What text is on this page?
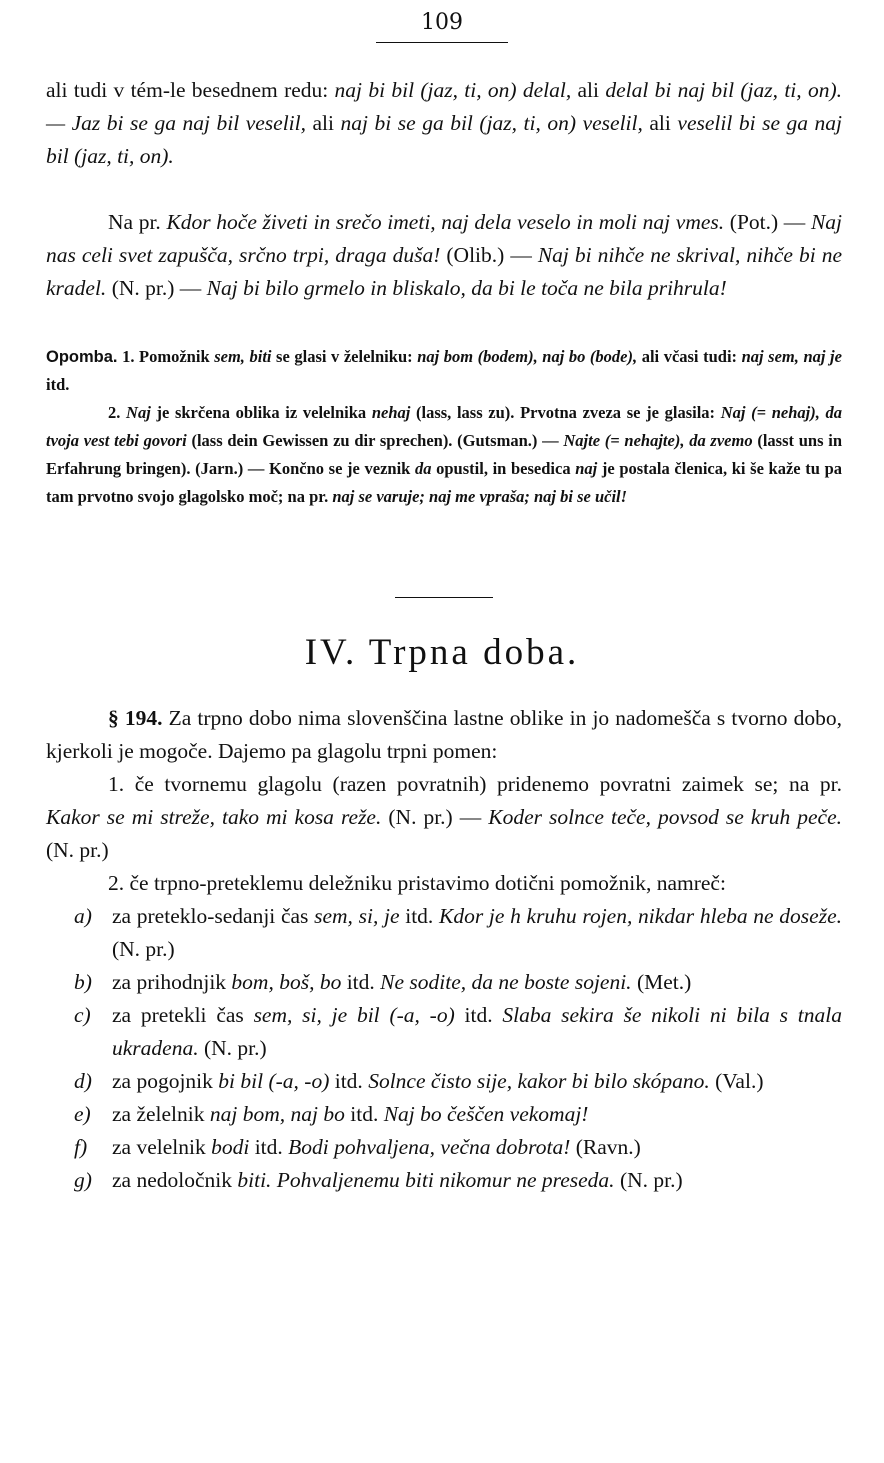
109

ali tudi v tém-le besednem redu: naj bi bil (jaz, ti, on) delal, ali delal bi naj bil (jaz, ti, on). — Jaz bi se ga naj bil veselil, ali naj bi se ga bil (jaz, ti, on) veselil, ali veselil bi se ga naj bil (jaz, ti, on).

Na pr. Kdor hoče živeti in srečo imeti, naj dela veselo in moli naj vmes. (Pot.) — Naj nas celi svet zapušča, srčno trpi, draga duša! (Olib.) — Naj bi nihče ne skrival, nihče bi ne kradel. (N. pr.) — Naj bi bilo grmelo in bliskalo, da bi le toča ne bila prihrula!

Opomba. 1. Pomožnik sem, biti se glasi v želelniku: naj bom (bodem), naj bo (bode), ali včasi tudi: naj sem, naj je itd.

2. Naj je skrčena oblika iz velelnika nehaj (lass, lass zu). Prvotna zveza se je glasila: Naj (= nehaj), da tvoja vest tebi govori (lass dein Gewissen zu dir sprechen). (Gutsman.) — Najte (= nehajte), da zvemo (lasst uns in Erfahrung bringen). (Jarn.) — Končno se je veznik da opustil, in besedica naj je postala členica, ki še kaže tu pa tam prvotno svojo glagolsko moč; na pr. naj se varuje; naj me vpraša; naj bi se učil!

IV. Trpna doba.

§ 194. Za trpno dobo nima slovenščina lastne oblike in jo nadomešča s tvorno dobo, kjerkoli je mogoče. Dajemo pa glagolu trpni pomen:

1. če tvornemu glagolu (razen povratnih) pridenemo povratni zaimek se; na pr. Kakor se mi streže, tako mi kosa reže. (N. pr.) — Koder solnce teče, povsod se kruh peče. (N. pr.)

2. če trpno-preteklemu deležniku pristavimo dotični pomožnik, namreč:

a) za preteklo-sedanji čas sem, si, je itd. Kdor je h kruhu rojen, nikdar hleba ne doseže. (N. pr.)
b) za prihodnjik bom, boš, bo itd. Ne sodite, da ne boste sojeni. (Met.)
c) za pretekli čas sem, si, je bil (-a, -o) itd. Slaba sekira še nikoli ni bila s tnala ukradena. (N. pr.)
d) za pogojnik bi bil (-a, -o) itd. Solnce čisto sije, kakor bi bilo skópano. (Val.)
e) za želelnik naj bom, naj bo itd. Naj bo češčen vekomaj!
f) za velelnik bodi itd. Bodi pohvaljena, večna dobrota! (Ravn.)
g) za nedoločnik biti. Pohvaljenemu biti nikomur ne preseda. (N. pr.)
